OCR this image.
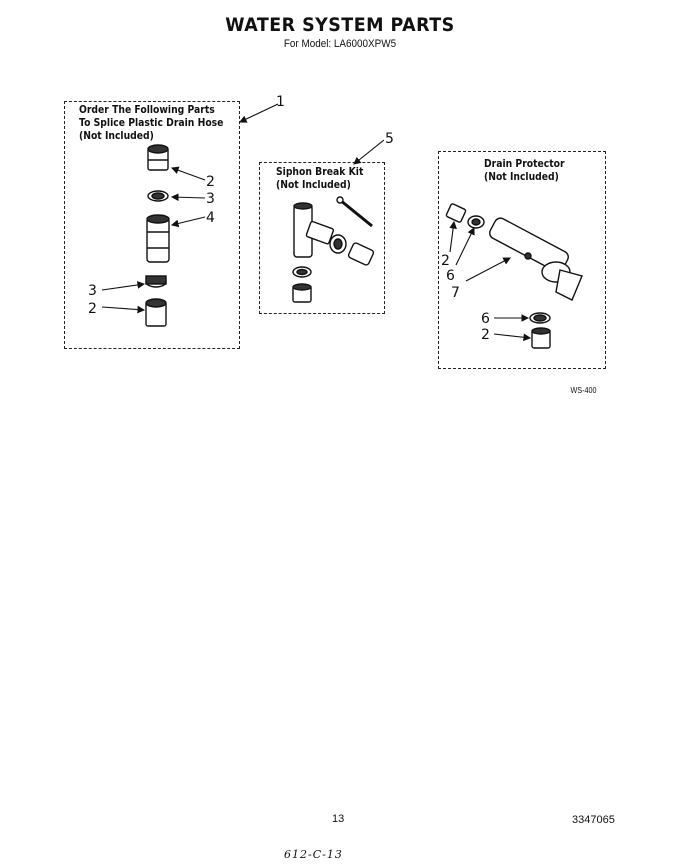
WATER SYSTEM PARTS
For Model: LA6000XPW5
Order The Following Parts
To Splice Plastic Drain Hose
(Not Included)
Siphon Break Kit
(Not Included)
Drain Protector
(Not Included)
1
2
3
4
3
2
5
2
6
7
6
2
WS-400
13	3347065
612-C-13
